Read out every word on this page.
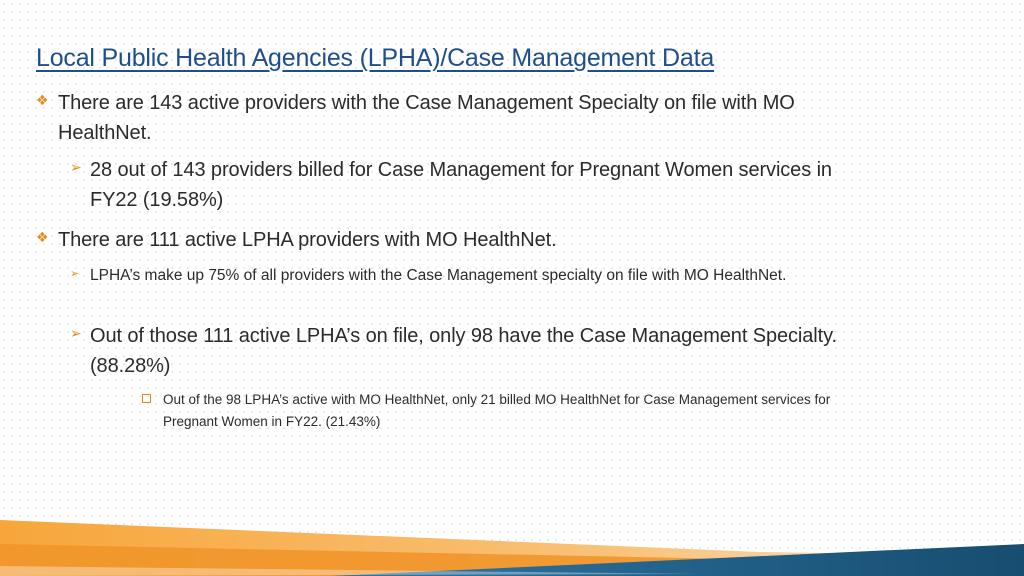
Local Public Health Agencies (LPHA)/Case Management Data
❖ There are 143 active providers with the Case Management Specialty on file with MO HealthNet.
➢ 28 out of 143 providers billed for Case Management for Pregnant Women services in FY22 (19.58%)
❖ There are 111 active LPHA providers with MO HealthNet.
➢ LPHA’s make up 75% of all providers with the Case Management specialty on file with MO HealthNet.
➢ Out of those 111 active LPHA’s on file, only 98 have the Case Management Specialty. (88.28%)
Out of the 98 LPHA’s active with MO HealthNet, only 21 billed MO HealthNet for Case Management services for Pregnant Women in FY22. (21.43%)
